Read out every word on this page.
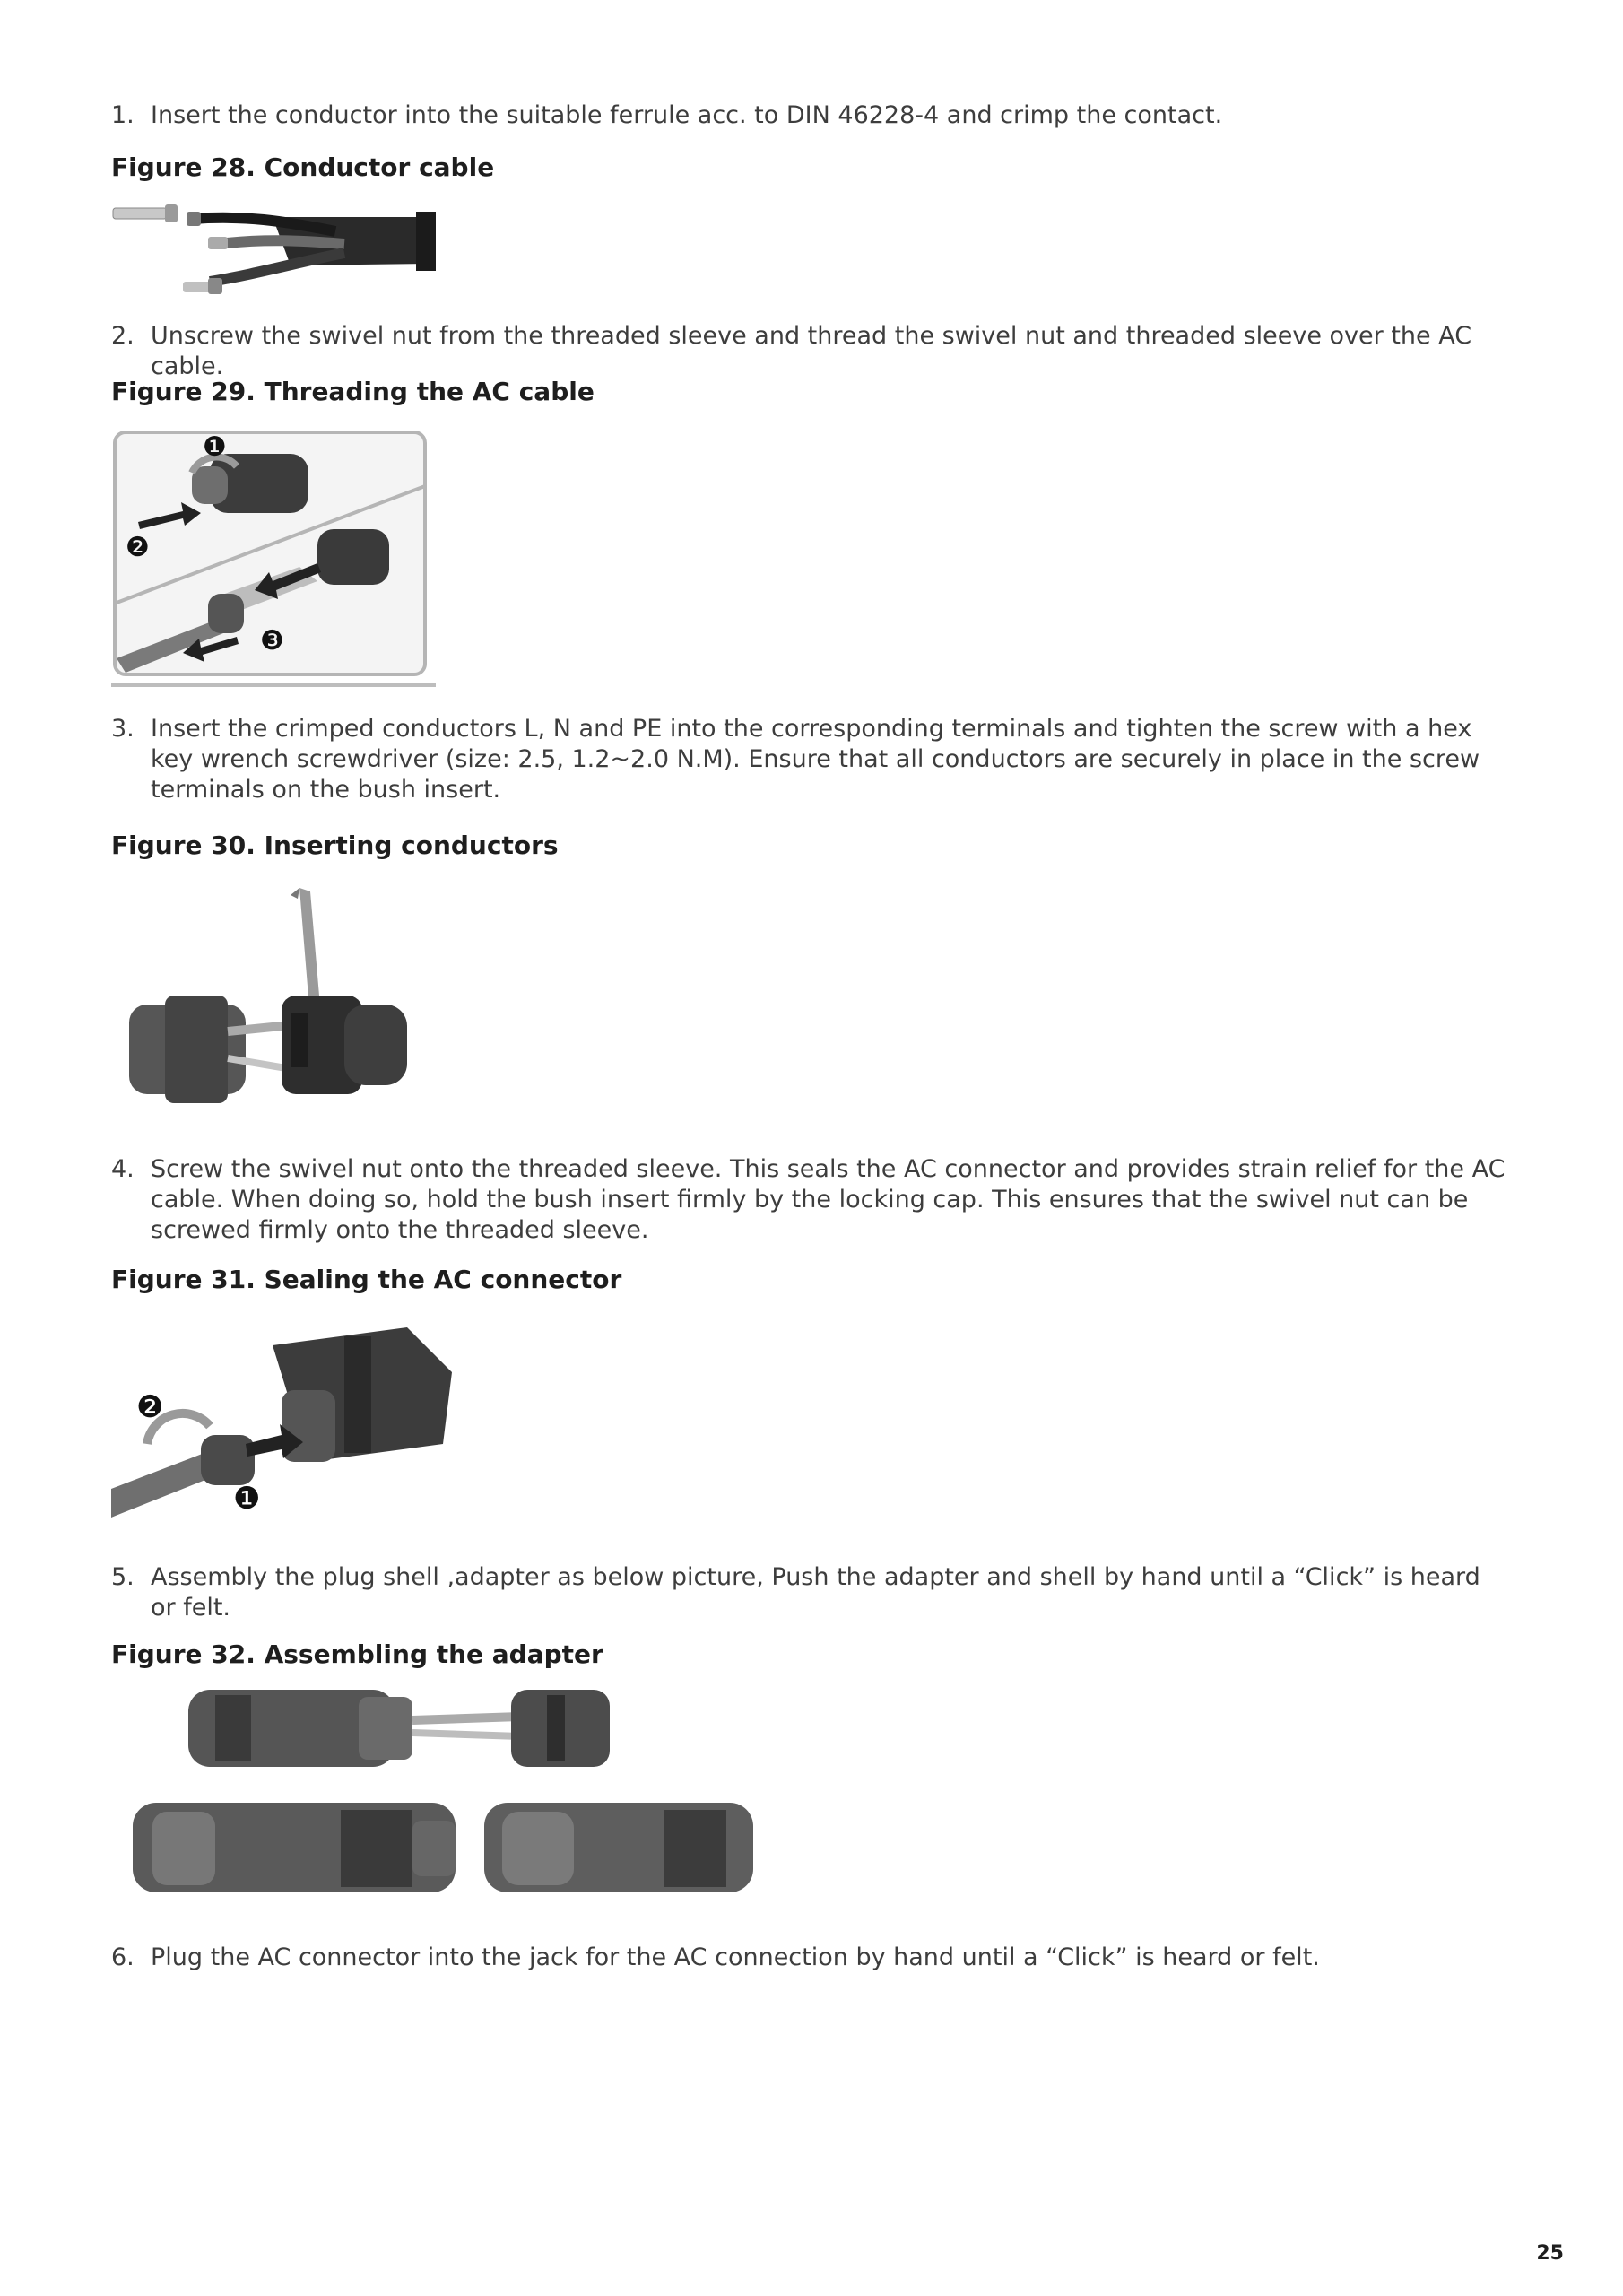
1. Insert the conductor into the suitable ferrule acc. to DIN 46228-4 and crimp the contact.
Figure 28. Conductor cable
2. Unscrew the swivel nut from the threaded sleeve and thread the swivel nut and threaded sleeve over the AC cable.
Figure 29. Threading the AC cable
❶
❷
❸
3. Insert the crimped conductors L, N and PE into the corresponding terminals and tighten the screw with a hex key wrench screwdriver (size: 2.5, 1.2~2.0 N.M). Ensure that all conductors are securely in place in the screw terminals on the bush insert.
Figure 30. Inserting conductors
4. Screw the swivel nut onto the threaded sleeve. This seals the AC connector and provides strain relief for the AC cable. When doing so, hold the bush insert firmly by the locking cap. This ensures that the swivel nut can be screwed firmly onto the threaded sleeve.
Figure 31. Sealing the AC connector
❷
❶
5. Assembly the plug shell ,adapter as below picture, Push the adapter and shell by hand until a “Click” is heard or felt.
Figure 32. Assembling the adapter
6. Plug the AC connector into the jack for the AC connection by hand until a “Click” is heard or felt.
25
